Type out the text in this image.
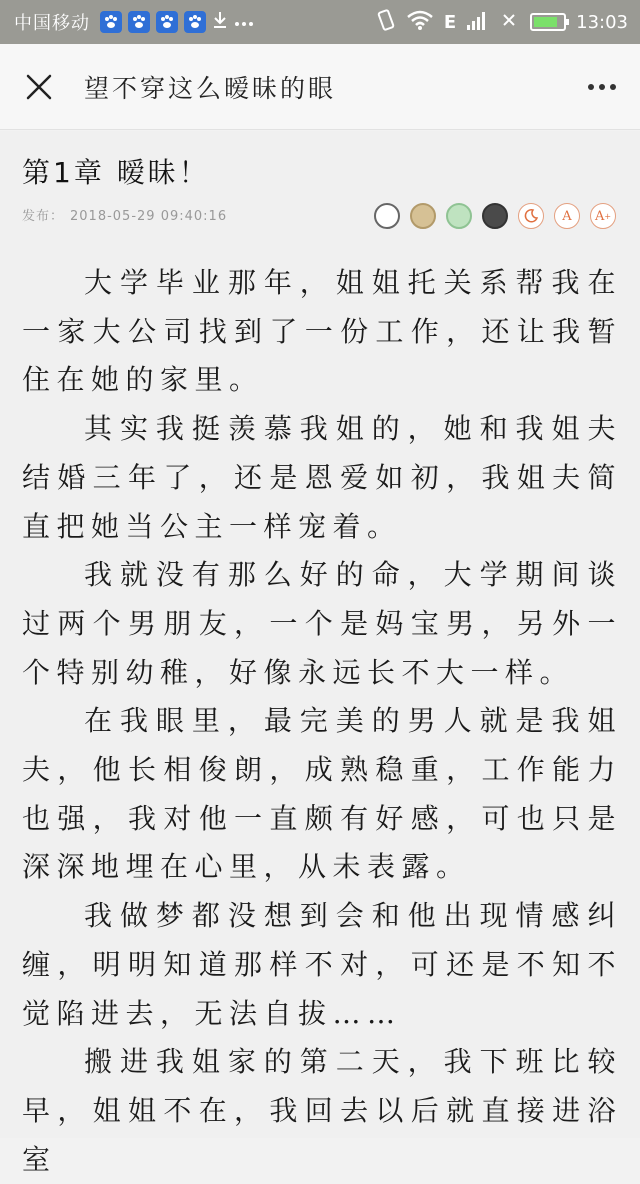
中国移动	E	13:03
望不穿这么暧昧的眼
第1章 暧昧！
发布： 2018-05-29 09:40:16	A A +

大学毕业那年，姐姐托关系帮我在一家大公司找到了一份工作，还让我暂住在她的家里。

其实我挺羡慕我姐的，她和我姐夫结婚三年了，还是恩爱如初，我姐夫简直把她当公主一样宠着。

我就没有那么好的命，大学期间谈过两个男朋友，一个是妈宝男，另外一个特别幼稚，好像永远长不大一样。

在我眼里，最完美的男人就是我姐夫，他长相俊朗，成熟稳重，工作能力也强，我对他一直颇有好感，可也只是深深地埋在心里，从未表露。

我做梦都没想到会和他出现情感纠缠，明明知道那样不对，可还是不知不觉陷进去，无法自拔……

搬进我姐家的第二天，我下班比较早，姐姐不在，我回去以后就直接进浴室
